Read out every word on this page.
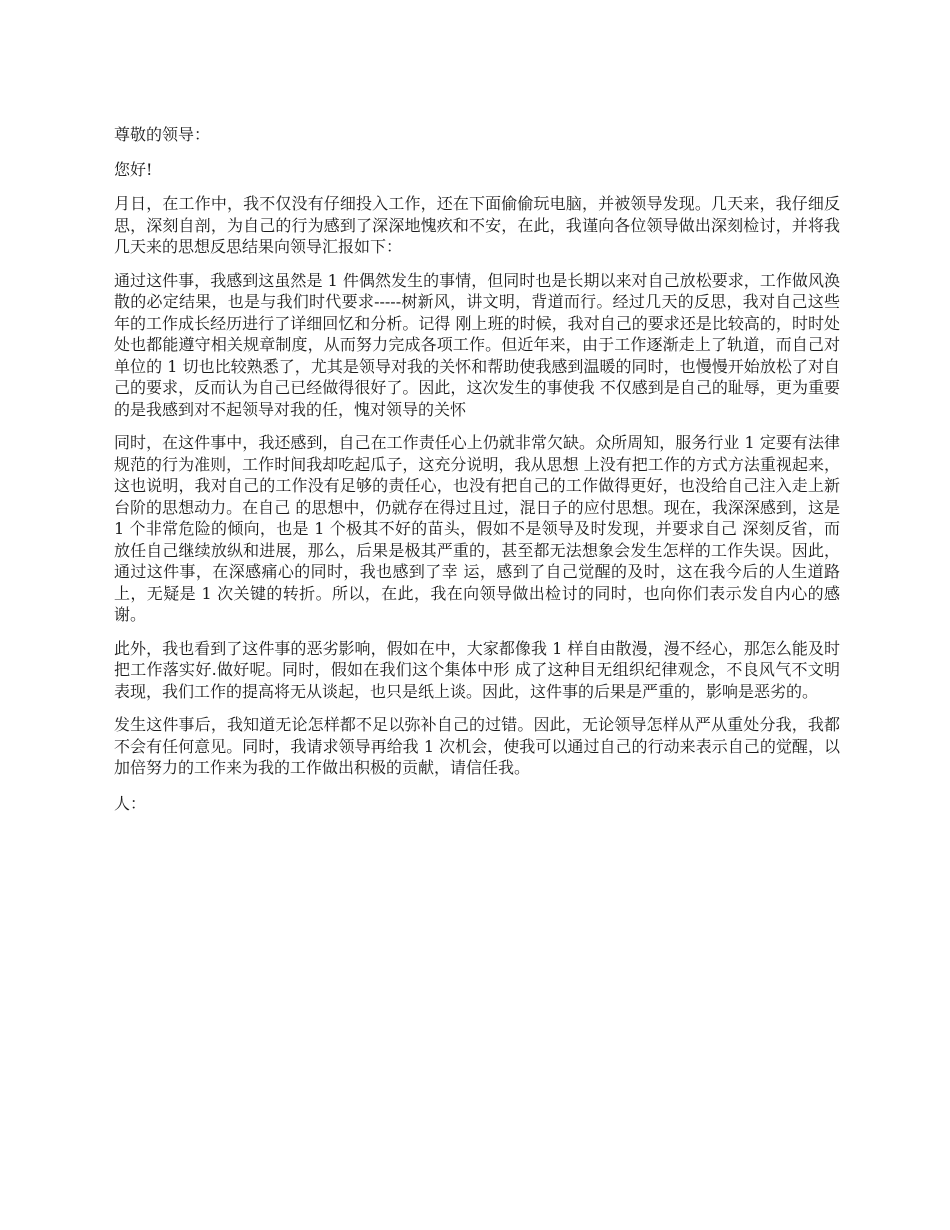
尊敬的领导：

您好!

月日，在工作中，我不仅没有仔细投入工作，还在下面偷偷玩电脑，并被领导发现。几天来，我仔细反思，深刻自剖，为自己的行为感到了深深地愧疚和不安，在此，我谨向各位领导做出深刻检讨，并将我几天来的思想反思结果向领导汇报如下：

通过这件事，我感到这虽然是 1 件偶然发生的事情，但同时也是长期以来对自己放松要求，工作做风涣散的必定结果，也是与我们时代要求-----树新风，讲文明，背道而行。经过几天的反思，我对自己这些年的工作成长经历进行了详细回忆和分析。记得 刚上班的时候，我对自己的要求还是比较高的，时时处处也都能遵守相关规章制度，从而努力完成各项工作。但近年来，由于工作逐渐走上了轨道，而自己对单位的 1 切也比较熟悉了，尤其是领导对我的关怀和帮助使我感到温暖的同时，也慢慢开始放松了对自己的要求，反而认为自己已经做得很好了。因此，这次发生的事使我 不仅感到是自己的耻辱，更为重要的是我感到对不起领导对我的任，愧对领导的关怀

同时，在这件事中，我还感到，自己在工作责任心上仍就非常欠缺。众所周知，服务行业 1 定要有法律规范的行为准则，工作时间我却吃起瓜子，这充分说明，我从思想 上没有把工作的方式方法重视起来，这也说明，我对自己的工作没有足够的责任心，也没有把自己的工作做得更好，也没给自己注入走上新台阶的思想动力。在自己 的思想中，仍就存在得过且过，混日子的应付思想。现在，我深深感到，这是 1 个非常危险的倾向，也是 1 个极其不好的苗头，假如不是领导及时发现，并要求自己 深刻反省，而放任自己继续放纵和进展，那么，后果是极其严重的，甚至都无法想象会发生怎样的工作失误。因此，通过这件事，在深感痛心的同时，我也感到了幸 运，感到了自己觉醒的及时，这在我今后的人生道路上，无疑是 1 次关键的转折。所以，在此，我在向领导做出检讨的同时，也向你们表示发自内心的感谢。

此外，我也看到了这件事的恶劣影响，假如在中，大家都像我 1 样自由散漫，漫不经心，那怎么能及时把工作落实好.做好呢。同时，假如在我们这个集体中形 成了这种目无组织纪律观念，不良风气不文明表现，我们工作的提高将无从谈起，也只是纸上谈。因此，这件事的后果是严重的，影响是恶劣的。

发生这件事后，我知道无论怎样都不足以弥补自己的过错。因此，无论领导怎样从严从重处分我，我都不会有任何意见。同时，我请求领导再给我 1 次机会，使我可以通过自己的行动来表示自己的觉醒，以加倍努力的工作来为我的工作做出积极的贡献，请信任我。

人：
